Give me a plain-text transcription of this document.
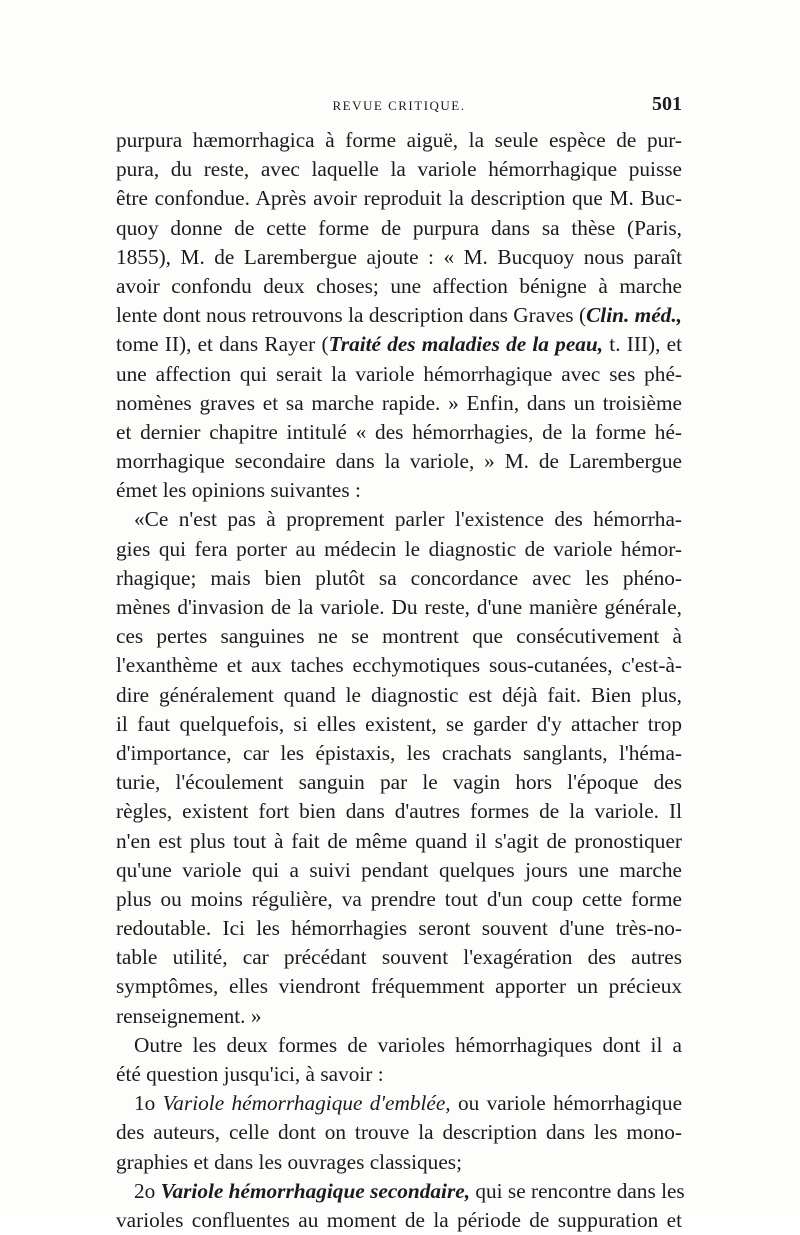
REVUE CRITIQUE.	501
purpura hæmorrhagica à forme aiguë, la seule espèce de pur-
pura, du reste, avec laquelle la variole hémorrhagique puisse
être confondue. Après avoir reproduit la description que M. Buc-
quoy donne de cette forme de purpura dans sa thèse (Paris,
1855), M. de Larembergue ajoute : « M. Bucquoy nous paraît
avoir confondu deux choses; une affection bénigne à marche
lente dont nous retrouvons la description dans Graves (Clin. méd.,
tome II), et dans Rayer (Traité des maladies de la peau, t. III), et
une affection qui serait la variole hémorrhagique avec ses phé-
nomènes graves et sa marche rapide. » Enfin, dans un troisième
et dernier chapitre intitulé « des hémorrhagies, de la forme hé-
morrhagique secondaire dans la variole, » M. de Larembergue
émet les opinions suivantes :
«Ce n'est pas à proprement parler l'existence des hémorrha-
gies qui fera porter au médecin le diagnostic de variole hémor-
rhagique; mais bien plutôt sa concordance avec les phéno-
mènes d'invasion de la variole. Du reste, d'une manière générale,
ces pertes sanguines ne se montrent que consécutivement à
l'exanthème et aux taches ecchymotiques sous-cutanées, c'est-à-
dire généralement quand le diagnostic est déjà fait. Bien plus,
il faut quelquefois, si elles existent, se garder d'y attacher trop
d'importance, car les épistaxis, les crachats sanglants, l'héma-
turie, l'écoulement sanguin par le vagin hors l'époque des
règles, existent fort bien dans d'autres formes de la variole. Il
n'en est plus tout à fait de même quand il s'agit de pronostiquer
qu'une variole qui a suivi pendant quelques jours une marche
plus ou moins régulière, va prendre tout d'un coup cette forme
redoutable. Ici les hémorrhagies seront souvent d'une très-no-
table utilité, car précédant souvent l'exagération des autres
symptômes, elles viendront fréquemment apporter un précieux
renseignement. »
Outre les deux formes de varioles hémorrhagiques dont il a
été question jusqu'ici, à savoir :
1o Variole hémorrhagique d'emblée, ou variole hémorrhagique
des auteurs, celle dont on trouve la description dans les mono-
graphies et dans les ouvrages classiques;
2o Variole hémorrhagique secondaire, qui se rencontre dans les
varioles confluentes au moment de la période de suppuration et
